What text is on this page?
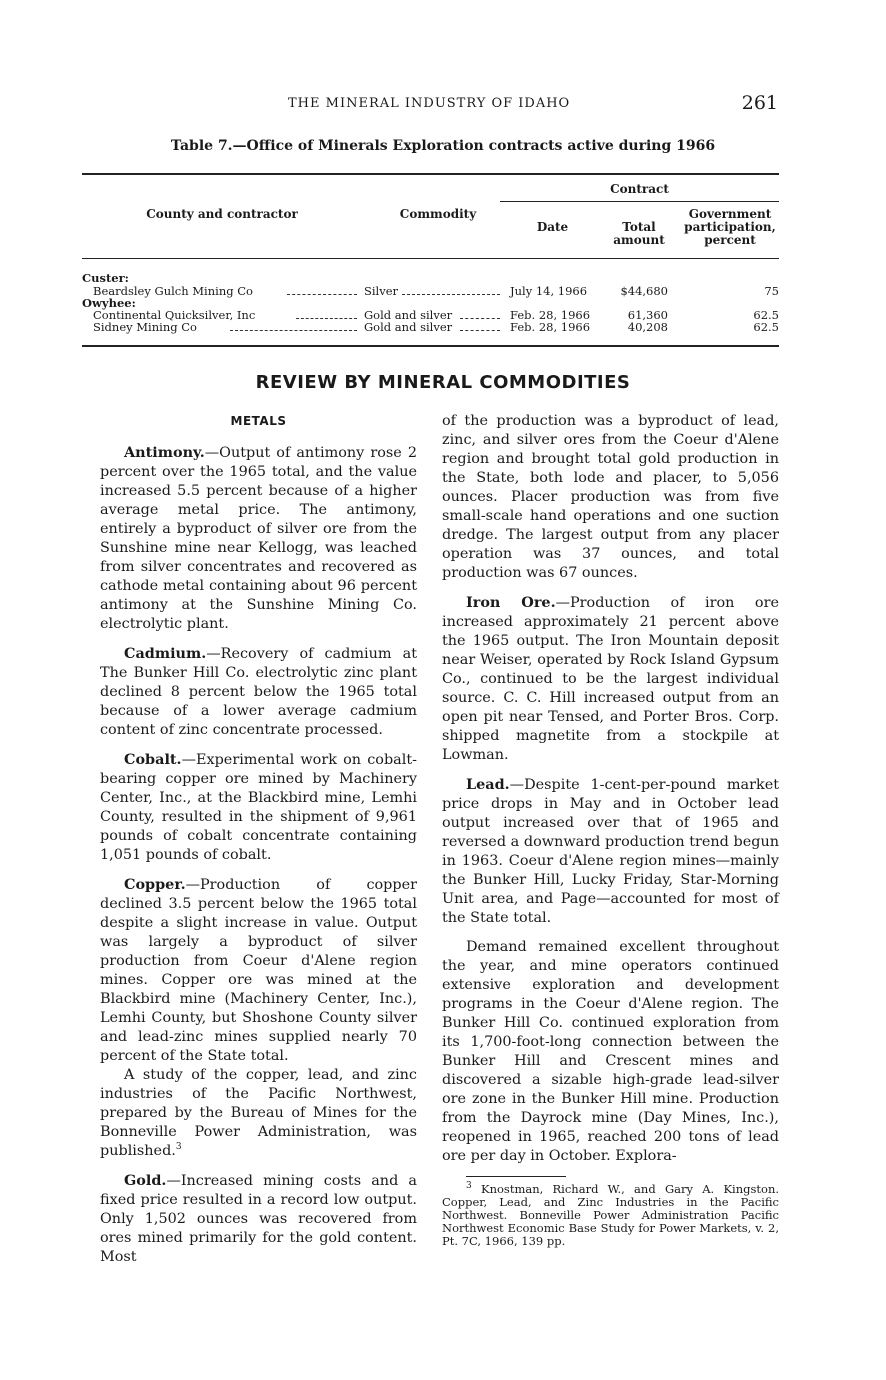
THE MINERAL INDUSTRY OF IDAHO	261
Table 7.—Office of Minerals Exploration contracts active during 1966
County and contractor	Commodity
Contract
Date	Total
amount
Government
participation,
percent
Custer:
Beardsley Gulch Mining Co	Silver	July 14, 1966	$44,680	75
Owyhee:
Continental Quicksilver, Inc	Gold and silver	Feb. 28, 1966	61,360	62.5
Sidney Mining Co	Gold and silver	Feb. 28, 1966	40,208	62.5
REVIEW BY MINERAL COMMODITIES
METALS

Antimony.—Output of antimony rose 2 percent over the 1965 total, and the value increased 5.5 percent because of a higher average metal price. The antimony, entirely a byproduct of silver ore from the Sunshine mine near Kellogg, was leached from silver concentrates and recovered as cathode metal containing about 96 percent antimony at the Sunshine Mining Co. electrolytic plant.

Cadmium.—Recovery of cadmium at The Bunker Hill Co. electrolytic zinc plant declined 8 percent below the 1965 total because of a lower average cadmium content of zinc concentrate processed.

Cobalt.—Experimental work on cobalt-bearing copper ore mined by Machinery Center, Inc., at the Blackbird mine, Lemhi County, resulted in the shipment of 9,961 pounds of cobalt concentrate containing 1,051 pounds of cobalt.

Copper.—Production of copper declined 3.5 percent below the 1965 total despite a slight increase in value. Output was largely a byproduct of silver production from Coeur d'Alene region mines. Copper ore was mined at the Blackbird mine (Machinery Center, Inc.), Lemhi County, but Shoshone County silver and lead-zinc mines supplied nearly 70 percent of the State total.

A study of the copper, lead, and zinc industries of the Pacific Northwest, prepared by the Bureau of Mines for the Bonneville Power Administration, was published.$^3$

Gold.—Increased mining costs and a fixed price resulted in a record low output. Only 1,502 ounces was recovered from ores mined primarily for the gold content. Most

of the production was a byproduct of lead, zinc, and silver ores from the Coeur d'Alene region and brought total gold production in the State, both lode and placer, to 5,056 ounces. Placer production was from five small-scale hand operations and one suction dredge. The largest output from any placer operation was 37 ounces, and total production was 67 ounces.

Iron Ore.—Production of iron ore increased approximately 21 percent above the 1965 output. The Iron Mountain deposit near Weiser, operated by Rock Island Gypsum Co., continued to be the largest individual source. C. C. Hill increased output from an open pit near Tensed, and Porter Bros. Corp. shipped magnetite from a stockpile at Lowman.

Lead.—Despite 1-cent-per-pound market price drops in May and in October lead output increased over that of 1965 and reversed a downward production trend begun in 1963. Coeur d'Alene region mines—mainly the Bunker Hill, Lucky Friday, Star-Morning Unit area, and Page—accounted for most of the State total.

Demand remained excellent throughout the year, and mine operators continued extensive exploration and development programs in the Coeur d'Alene region. The Bunker Hill Co. continued exploration from its 1,700-foot-long connection between the Bunker Hill and Crescent mines and discovered a sizable high-grade lead-silver ore zone in the Bunker Hill mine. Production from the Dayrock mine (Day Mines, Inc.), reopened in 1965, reached 200 tons of lead ore per day in October. Explora-

$^3$ Knostman, Richard W., and Gary A. Kingston. Copper, Lead, and Zinc Industries in the Pacific Northwest. Bonneville Power Administration Pacific Northwest Economic Base Study for Power Markets, v. 2, Pt. 7C, 1966, 139 pp.
